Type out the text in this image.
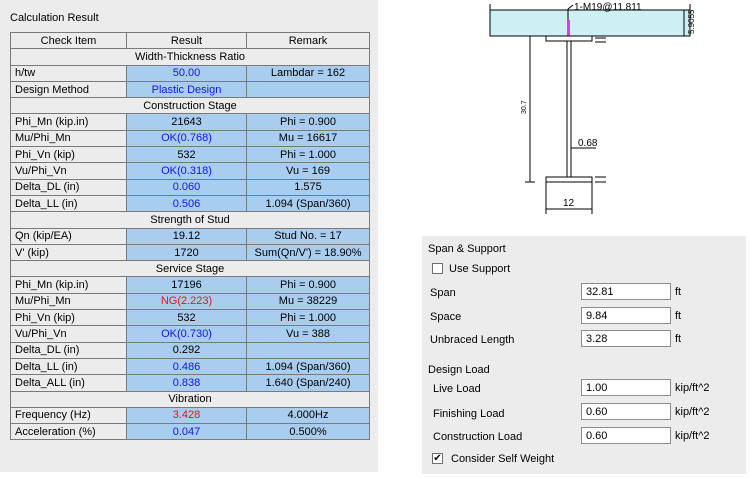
Calculation Result
Check Item	Result	Remark
Width-Thickness Ratio		
h/tw	50.00	Lambdar = 162
Design Method	Plastic Design	
Construction Stage		
Phi_Mn (kip.in)	21643	Phi = 0.900
Mu/Phi_Mn	OK(0.768)	Mu = 16617
Phi_Vn (kip)	532	Phi = 1.000
Vu/Phi_Vn	OK(0.318)	Vu = 169
Delta_DL (in)	0.060	1.575
Delta_LL (in)	0.506	1.094 (Span/360)
Strength of Stud		
Qn (kip/EA)	19.12	Stud No. = 17
V' (kip)	1720	Sum(Qn/V') = 18.90%
Service Stage		
Phi_Mn (kip.in)	17196	Phi = 0.900
Mu/Phi_Mn	NG(2.223)	Mu = 38229
Phi_Vn (kip)	532	Phi = 1.000
Vu/Phi_Vn	OK(0.730)	Vu = 388
Delta_DL (in)	0.292	
Delta_LL (in)	0.486	1.094 (Span/360)
Delta_ALL (in)	0.838	1.640 (Span/240)
Vibration		
Frequency (Hz)	3.428	4.000Hz
Acceleration (%)	0.047	0.500%
1-M19@11.811
5.9055
30.7
0.68
12
Span & Support
Use Support
Span	32.81	ft
Space	9.84	ft
Unbraced Length	3.28	ft
Design Load
Live Load	1.00	kip/ft^2
Finishing Load	0.60	kip/ft^2
Construction Load	0.60	kip/ft^2
✔ Consider Self Weight
